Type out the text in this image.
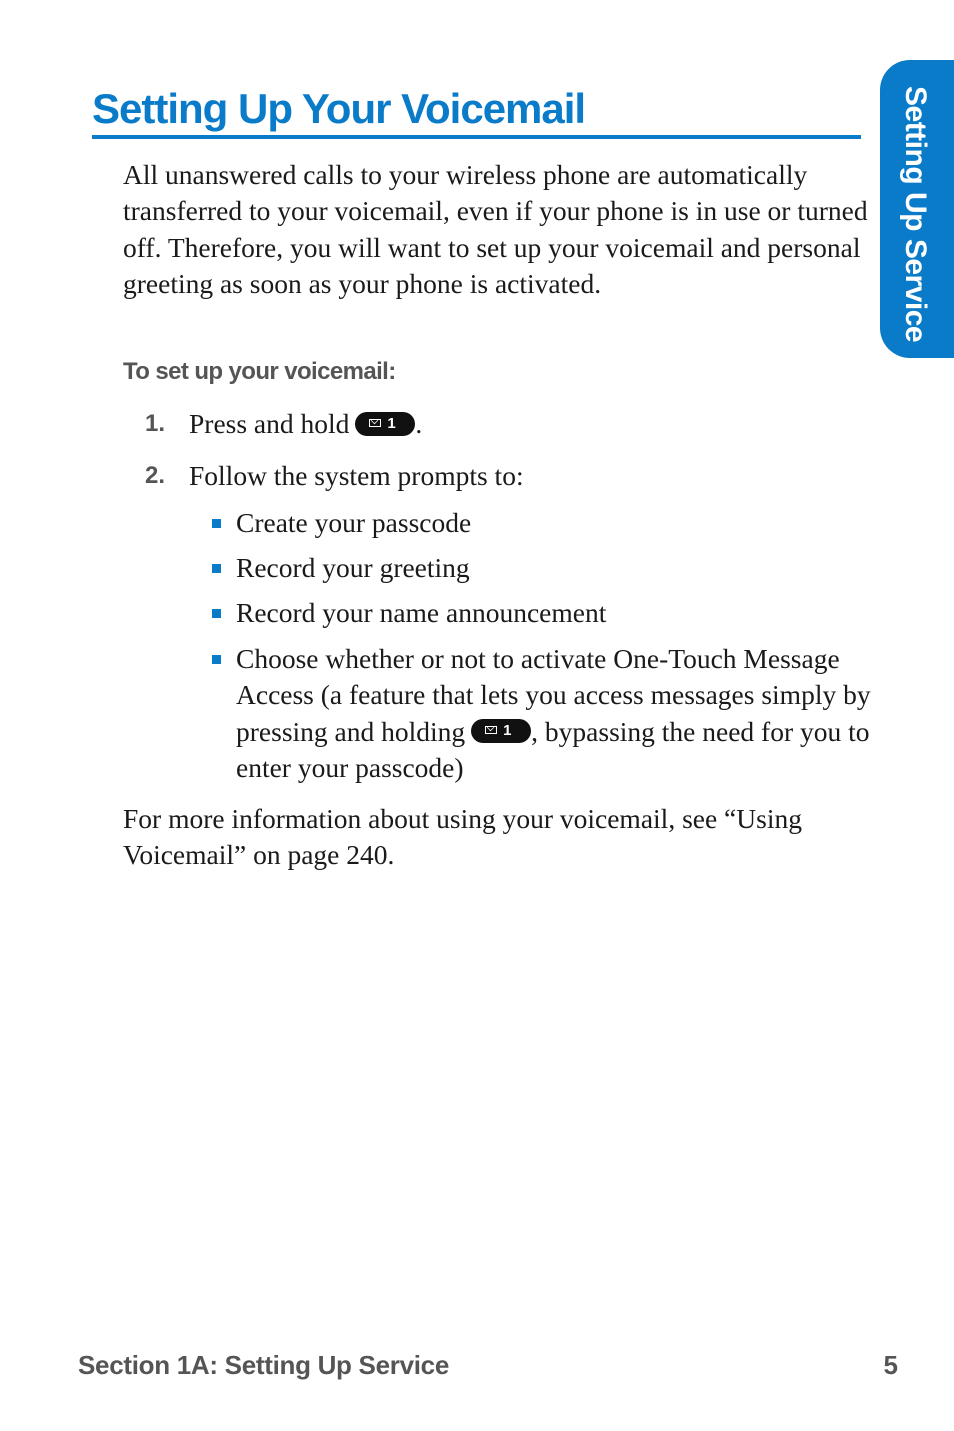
Setting Up Service
Setting Up Your Voicemail

All unanswered calls to your wireless phone are automatically transferred to your voicemail, even if your phone is in use or turned off. Therefore, you will want to set up your voicemail and personal greeting as soon as your phone is activated.

To set up your voicemail:

1. Press and hold	1 .
2. Follow the system prompts to:
Create your passcode
Record your greeting
Record your name announcement
Choose whether or not to activate One-Touch Message Access (a feature that lets you access messages simply by pressing and holding	1 , bypassing the need for you to enter your passcode)

For more information about using your voicemail, see “Using Voicemail” on page 240.

Section 1A: Setting Up Service	5
